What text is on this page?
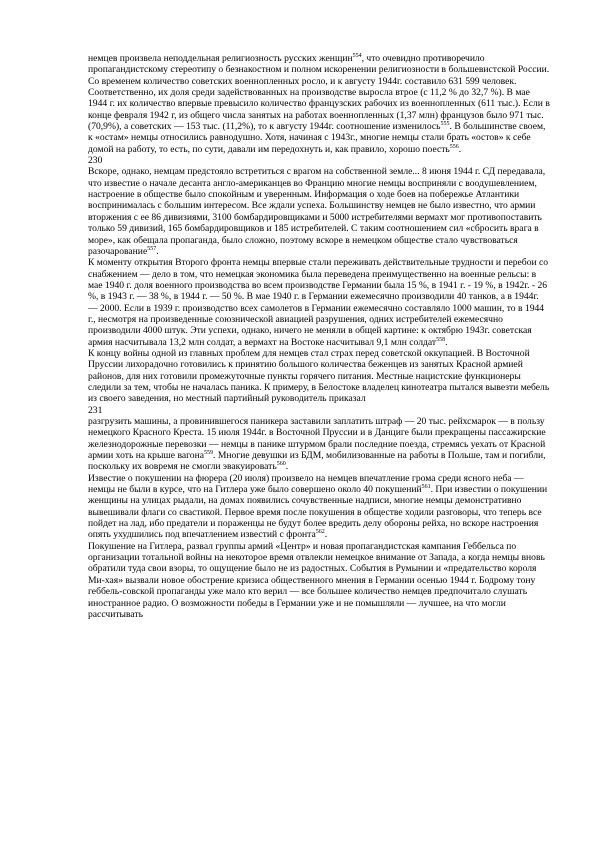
немцев произвела неподдельная религиозность русских женщин$^{554}$, что очевидно противоречило пропагандистскому стереотипу о безнакостном и полном искоренении религиозности в большевистской России. Со временем количество советских военнопленных росло, и к августу 1944г. составило 631 599 человек. Соответственно, их доля среди задействованных на производстве выросла втрое (с 11,2 % до 32,7 %). В мае 1944 г. их количество впервые превысило количество французских рабочих из военнопленных (611 тыс.). Если в конце февраля 1942 г, из общего числа занятых на работах военнопленных (1,37 млн) французов было 971 тыс. (70,9%), а советских — 153 тыс. (11,2%), то к августу 1944г. соотношение изменилось$^{555}$. В большинстве своем, к «остам» немцы относились равнодушно. Хотя, начиная с 1943г., многие немцы стали брать «остов» к себе домой на работу, то есть, по сути, давали им передохнуть и, как правило, хорошо поесть$^{556}$.

230

Вскоре, однако, немцам предстояло встретиться с врагом на собственной земле... 8 июня 1944 г. СД передавала, что известие о начале десанта англо-американцев во Францию многие немцы восприняли с воодушевлением, настроение в обществе было спокойным и уверенным. Информация о ходе боев на побережье Атлантики воспринималась с большим интересом. Все ждали успеха. Большинству немцев не было известно, что армии вторжения с ее 86 дивизиями, 3100 бомбардировщиками и 5000 истребителями вермахт мог противопоставить только 59 дивизий, 165 бомбардировщиков и 185 истребителей. С таким соотношением сил «сбросить врага в море», как обещала пропаганда, было сложно, поэтому вскоре в немецком обществе стало чувствоваться разочарование$^{557}$.

К моменту открытия Второго фронта немцы впервые стали переживать действительные трудности и перебои со снабжением — дело в том, что немецкая экономика была переведена преимущественно на военные рельсы: в мае 1940 г. доля военного производства во всем производстве Германии была 15 %, в 1941 г. - 19 %, в 1942г. - 26 %, в 1943 г. — 38 %, в 1944 г. — 50 %. В мае 1940 г. в Германии ежемесячно производили 40 танков, а в 1944г. — 2000. Если в 1939 г. производство всех самолетов в Германии ежемесячно составляло 1000 машин, то в 1944 г., несмотря на произведенные союзнической авиацией разрушения, одних истребителей ежемесячно производили 4000 штук. Эти успехи, однако, ничего не меняли в общей картине: к октябрю 1943г. советская армия насчитывала 13,2 млн солдат, а вермахт на Востоке насчитывал 9,1 млн солдат$^{558}$.

К концу войны одной из главных проблем для немцев стал страх перед советской оккупацией. В Восточной Пруссии лихорадочно готовились к принятию большого количества беженцев из занятых Красной армией районов, для них готовили промежуточные пункты горячего питания. Местные нацистские функционеры следили за тем, чтобы не началась паника. К примеру, в Белостоке владелец кинотеатра пытался вывезти мебель из своего заведения, но местный партийный руководитель приказал

231

разгрузить машины, а провинившегося паникера заставили заплатить штраф — 20 тыс. рейхсмарок — в пользу немецкого Красного Креста. 15 июля 1944г. в Восточной Пруссии и в Данциге были прекращены пассажирские железнодорожные перевозки — немцы в панике штурмом брали последние поезда, стремясь уехать от Красной армии хоть на крыше вагона$^{559}$. Многие девушки из БДМ, мобилизованные на работы в Польше, там и погибли, поскольку их вовремя не смогли эвакуировать$^{560}$.

Известие о покушении на фюрера (20 июля) произвело на немцев впечатление грома среди ясного неба — немцы не были в курсе, что на Гитлера уже было совершено около 40 покушений$^{561}$. При известии о покушении женщины на улицах рыдали, на домах появились сочувственные надписи, многие немцы демонстративно вывешивали флаги со свастикой. Первое время после покушения в обществе ходили разговоры, что теперь все пойдет на лад, ибо предатели и пораженцы не будут более вредить делу обороны рейха, но вскоре настроения опять ухудшились под впечатлением известий с фронта$^{562}$.

Покушение на Гитлера, развал группы армий «Центр» и новая пропагандистская кампания Геббельса по организации тотальной войны на некоторое время отвлекли немецкое внимание от Запада, а когда немцы вновь обратили туда свои взоры, то ощущение было не из радостных. События в Румынии и «предательство короля Ми-хая» вызвали новое обострение кризиса общественного мнения в Германии осенью 1944 г. Бодрому тону геббель-совской пропаганды уже мало кто верил — все большее количество немцев предпочитало слушать иностранное радио. О возможности победы в Германии уже и не помышляли — лучшее, на что могли рассчитывать
